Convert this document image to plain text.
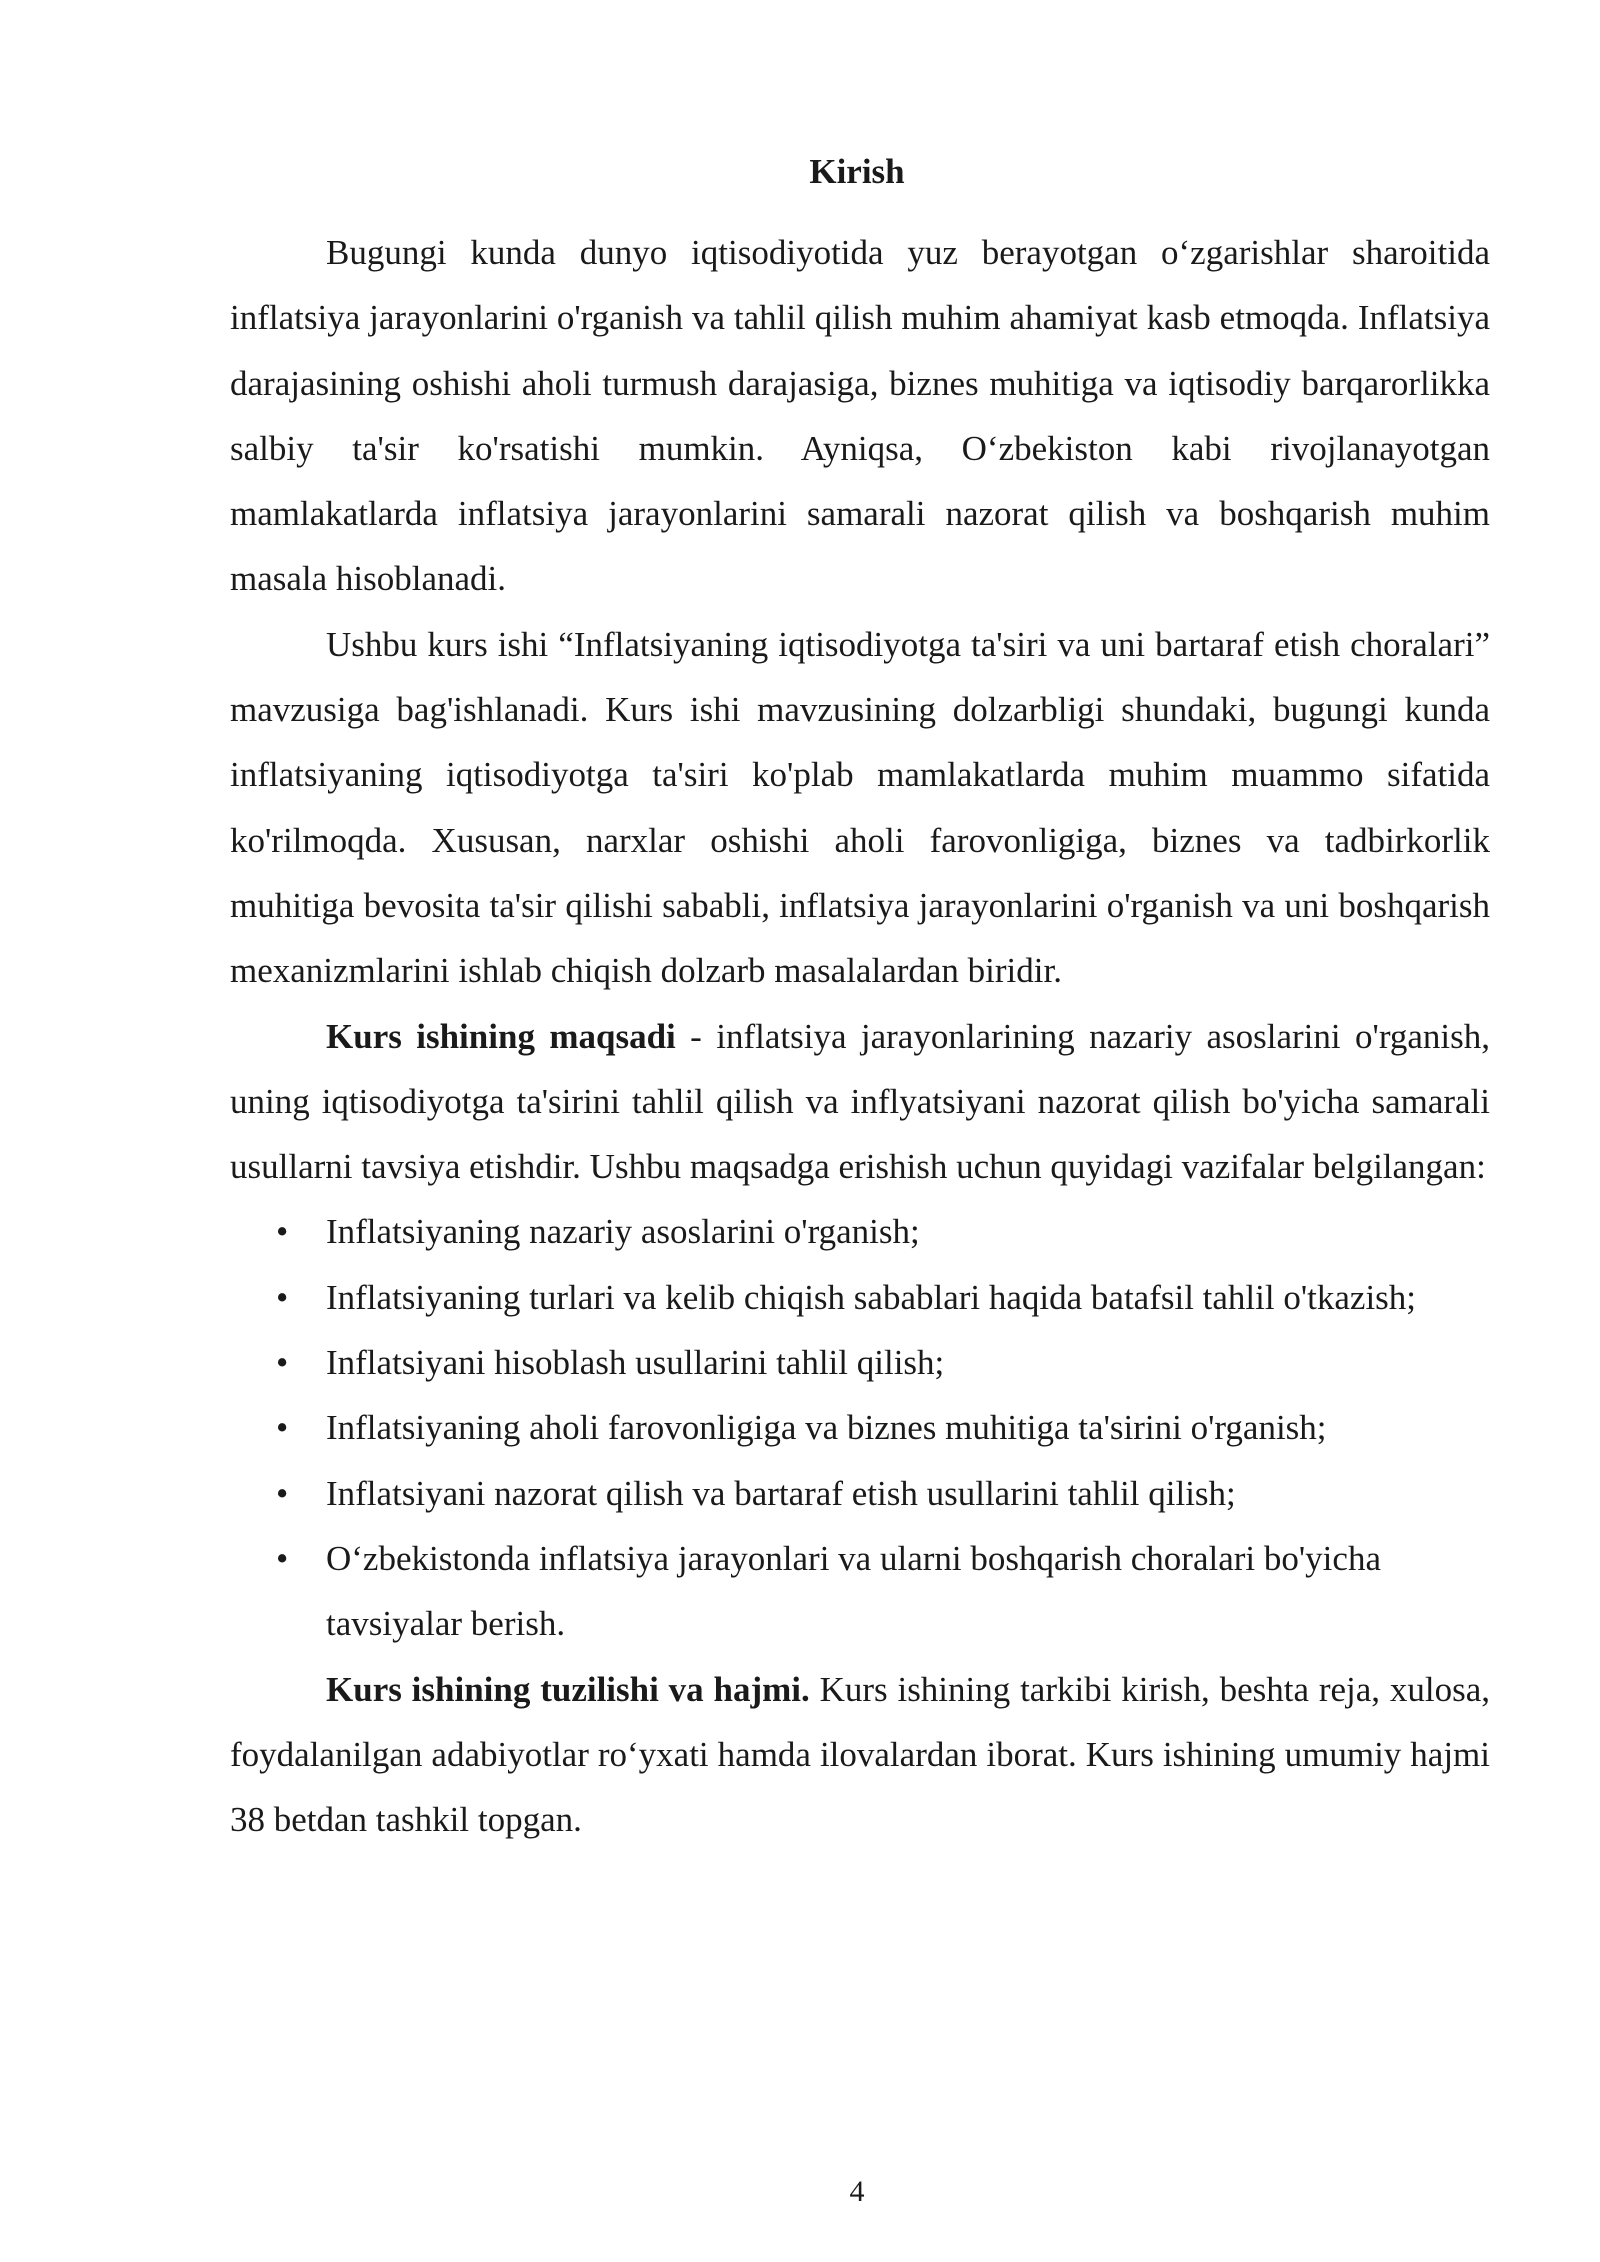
Kirish

Bugungi kunda dunyo iqtisodiyotida yuz berayotgan o‘zgarishlar sharoitida inflatsiya jarayonlarini o'rganish va tahlil qilish muhim ahamiyat kasb etmoqda. Inflatsiya darajasining oshishi aholi turmush darajasiga, biznes muhitiga va iqtisodiy barqarorlikka salbiy ta'sir ko'rsatishi mumkin. Ayniqsa, O‘zbekiston kabi rivojlanayotgan mamlakatlarda inflatsiya jarayonlarini samarali nazorat qilish va boshqarish muhim masala hisoblanadi.

Ushbu kurs ishi “Inflatsiyaning iqtisodiyotga ta'siri va uni bartaraf etish choralari” mavzusiga bag'ishlanadi. Kurs ishi mavzusining dolzarbligi shundaki, bugungi kunda inflatsiyaning iqtisodiyotga ta'siri ko'plab mamlakatlarda muhim muammo sifatida ko'rilmoqda. Xususan, narxlar oshishi aholi farovonligiga, biznes va tadbirkorlik muhitiga bevosita ta'sir qilishi sababli, inflatsiya jarayonlarini o'rganish va uni boshqarish mexanizmlarini ishlab chiqish dolzarb masalalardan biridir.

Kurs ishining maqsadi - inflatsiya jarayonlarining nazariy asoslarini o'rganish, uning iqtisodiyotga ta'sirini tahlil qilish va inflyatsiyani nazorat qilish bo'yicha samarali usullarni tavsiya etishdir. Ushbu maqsadga erishish uchun quyidagi vazifalar belgilangan:

• Inflatsiyaning nazariy asoslarini o'rganish;
• Inflatsiyaning turlari va kelib chiqish sabablari haqida batafsil tahlil o'tkazish;
• Inflatsiyani hisoblash usullarini tahlil qilish;
• Inflatsiyaning aholi farovonligiga va biznes muhitiga ta'sirini o'rganish;
• Inflatsiyani nazorat qilish va bartaraf etish usullarini tahlil qilish;
• O‘zbekistonda inflatsiya jarayonlari va ularni boshqarish choralari bo'yicha tavsiyalar berish.

Kurs ishining tuzilishi va hajmi. Kurs ishining tarkibi kirish, beshta reja, xulosa, foydalanilgan adabiyotlar ro‘yxati hamda ilovalardan iborat. Kurs ishining umumiy hajmi 38 betdan tashkil topgan.

4
